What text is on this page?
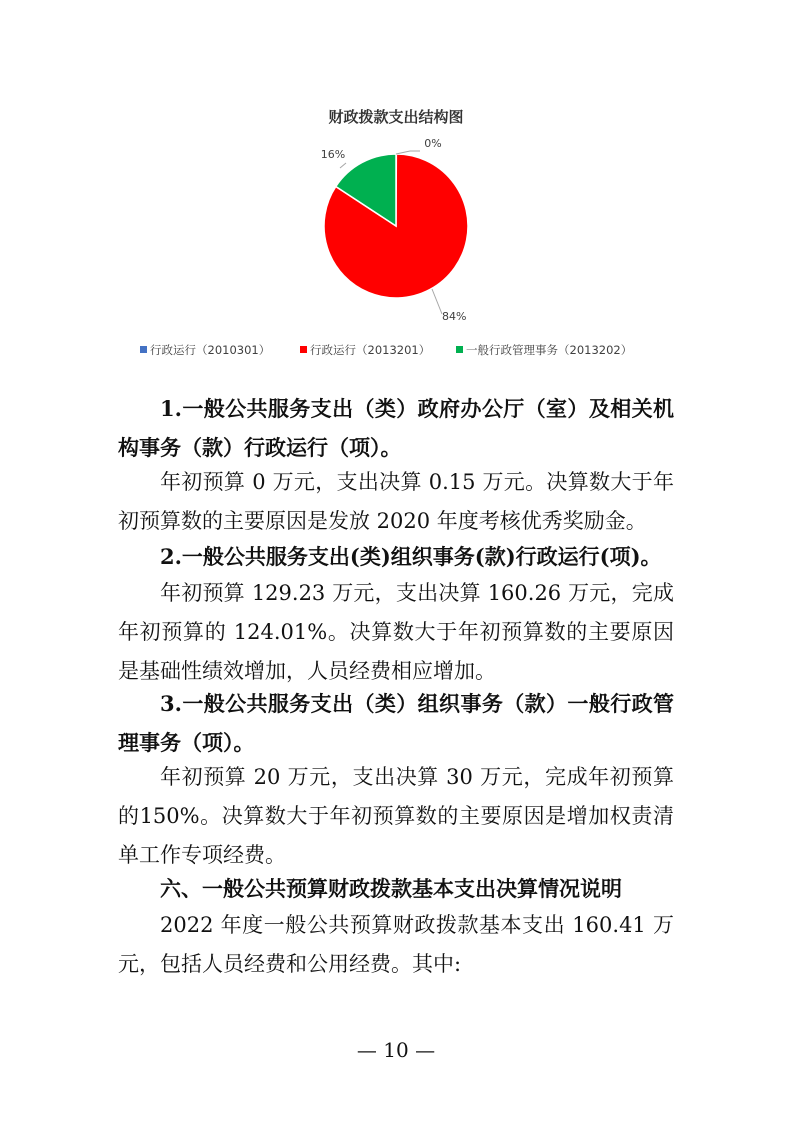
财政拨款支出结构图
0%
84%
16%
行政运行（2010301）	行政运行（2013201）	一般行政管理事务（2013202）

1.一般公共服务支出（类）政府办公厅（室）及相关机构事务（款）行政运行（项）。

年初预算 0 万元，支出决算 0.15 万元。决算数大于年初预算数的主要原因是发放 2020 年度考核优秀奖励金。

2.一般公共服务支出(类)组织事务(款)行政运行(项)。

年初预算 129.23 万元，支出决算 160.26 万元，完成年初预算的 124.01%。决算数大于年初预算数的主要原因是基础性绩效增加，人员经费相应增加。

3.一般公共服务支出（类）组织事务（款）一般行政管理事务（项）。

年初预算 20 万元，支出决算 30 万元，完成年初预算的150%。决算数大于年初预算数的主要原因是增加权责清单工作专项经费。

六、一般公共预算财政拨款基本支出决算情况说明

2022 年度一般公共预算财政拨款基本支出 160.41 万元，包括人员经费和公用经费。其中:

— 10 —
